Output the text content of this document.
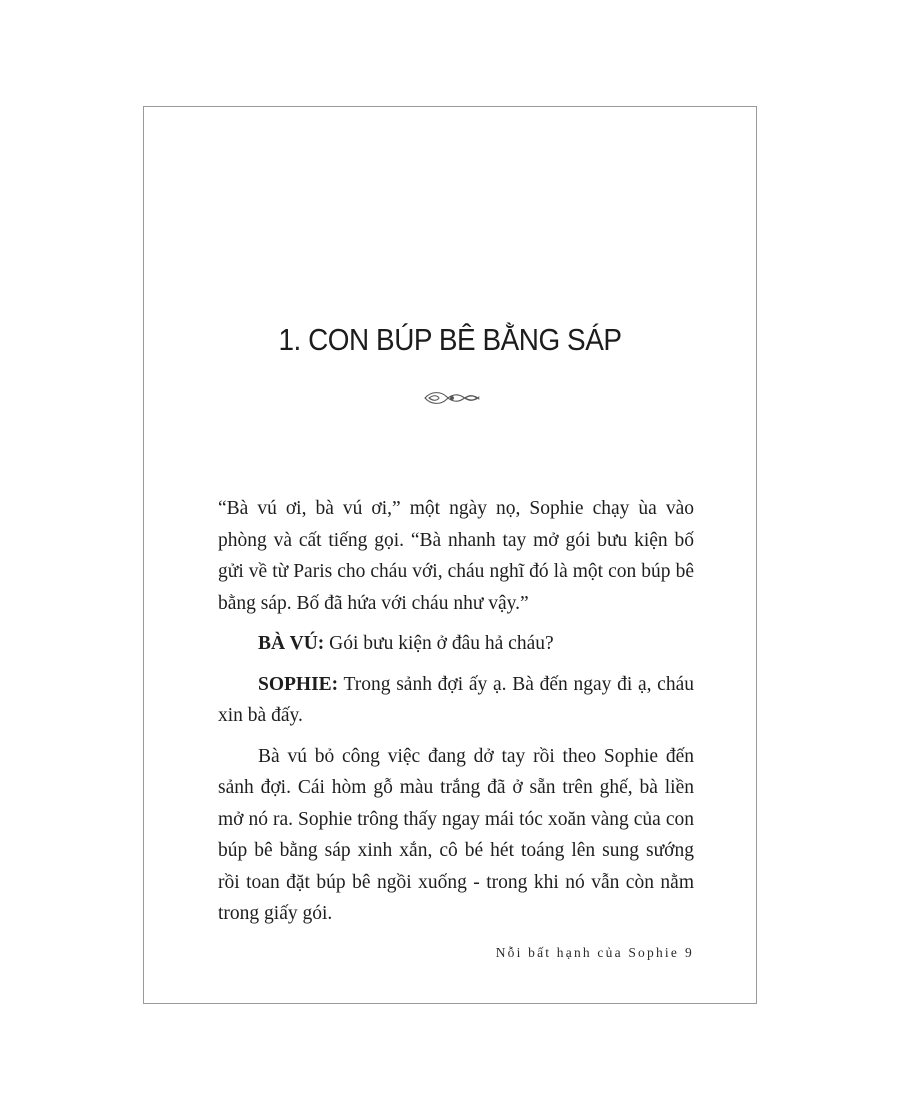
1. CON BÚP BÊ BẰNG SÁP

“Bà vú ơi, bà vú ơi,” một ngày nọ, Sophie chạy ùa vào phòng và cất tiếng gọi. “Bà nhanh tay mở gói bưu kiện bố gửi về từ Paris cho cháu với, cháu nghĩ đó là một con búp bê bằng sáp. Bố đã hứa với cháu như vậy.”

BÀ VÚ: Gói bưu kiện ở đâu hả cháu?

SOPHIE: Trong sảnh đợi ấy ạ. Bà đến ngay đi ạ, cháu xin bà đấy.

Bà vú bỏ công việc đang dở tay rồi theo Sophie đến sảnh đợi. Cái hòm gỗ màu trắng đã ở sẵn trên ghế, bà liền mở nó ra. Sophie trông thấy ngay mái tóc xoăn vàng của con búp bê bằng sáp xinh xắn, cô bé hét toáng lên sung sướng rồi toan đặt búp bê ngồi xuống - trong khi nó vẫn còn nằm trong giấy gói.

Nỗi bất hạnh của Sophie 9
